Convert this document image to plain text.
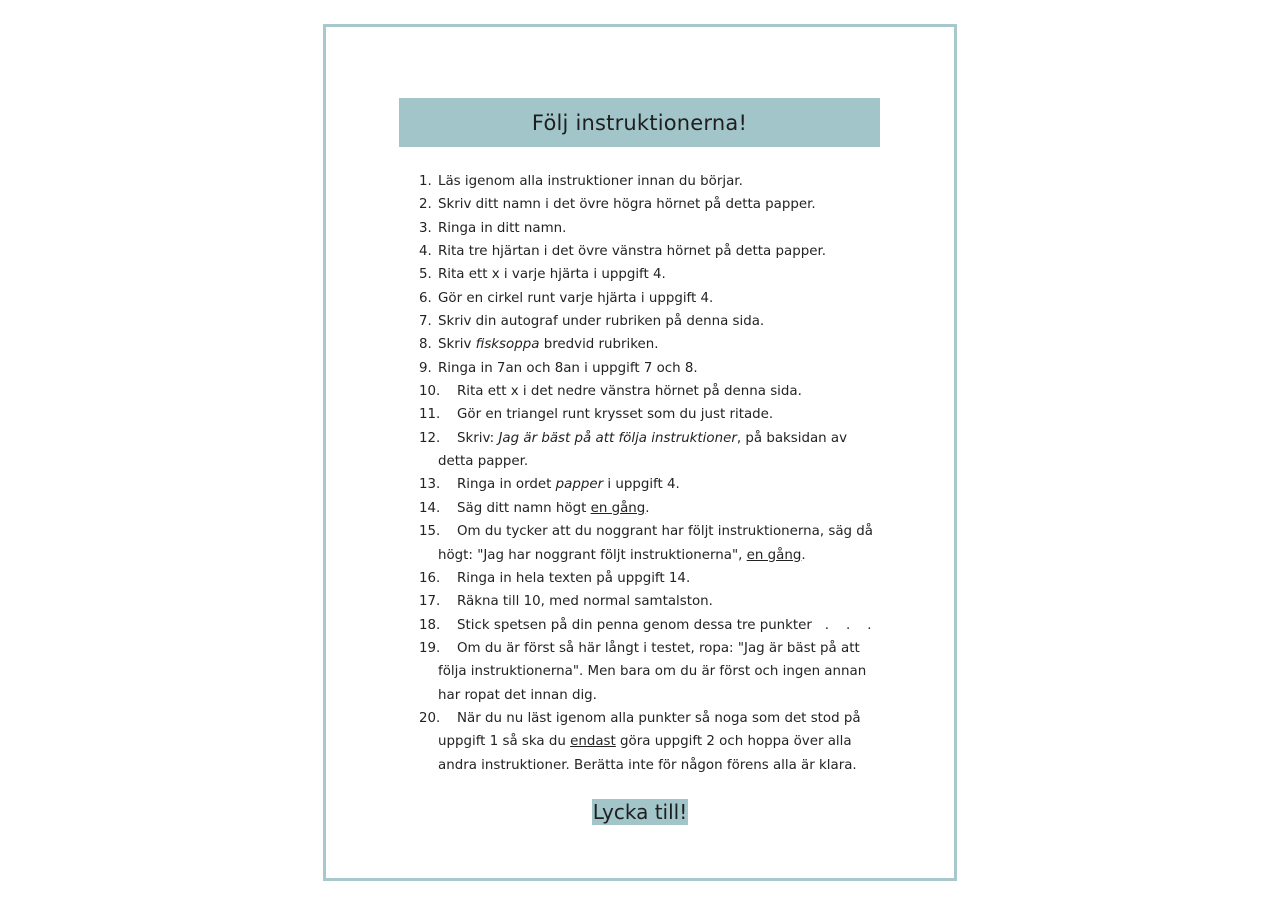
Följ instruktionerna!
1. Läs igenom alla instruktioner innan du börjar.
2. Skriv ditt namn i det övre högra hörnet på detta papper.
3. Ringa in ditt namn.
4. Rita tre hjärtan i det övre vänstra hörnet på detta papper.
5. Rita ett x i varje hjärta i uppgift 4.
6. Gör en cirkel runt varje hjärta i uppgift 4.
7. Skriv din autograf under rubriken på denna sida.
8. Skriv fisksoppa bredvid rubriken.
9. Ringa in 7an och 8an i uppgift 7 och 8.
10. Rita ett x i det nedre vänstra hörnet på denna sida.
11. Gör en triangel runt krysset som du just ritade.
12. Skriv: Jag är bäst på att följa instruktioner, på baksidan av detta papper.
13. Ringa in ordet papper i uppgift 4.
14. Säg ditt namn högt en gång.
15. Om du tycker att du noggrant har följt instruktionerna, säg då högt: "Jag har noggrant följt instruktionerna", en gång.
16. Ringa in hela texten på uppgift 14.
17. Räkna till 10, med normal samtalston.
18. Stick spetsen på din penna genom dessa tre punkter   .    .    .
19. Om du är först så här långt i testet, ropa: "Jag är bäst på att följa instruktionerna". Men bara om du är först och ingen annan har ropat det innan dig.
20. När du nu läst igenom alla punkter så noga som det stod på uppgift 1 så ska du endast göra uppgift 2 och hoppa över alla andra instruktioner. Berätta inte för någon förens alla är klara.
Lycka till!
